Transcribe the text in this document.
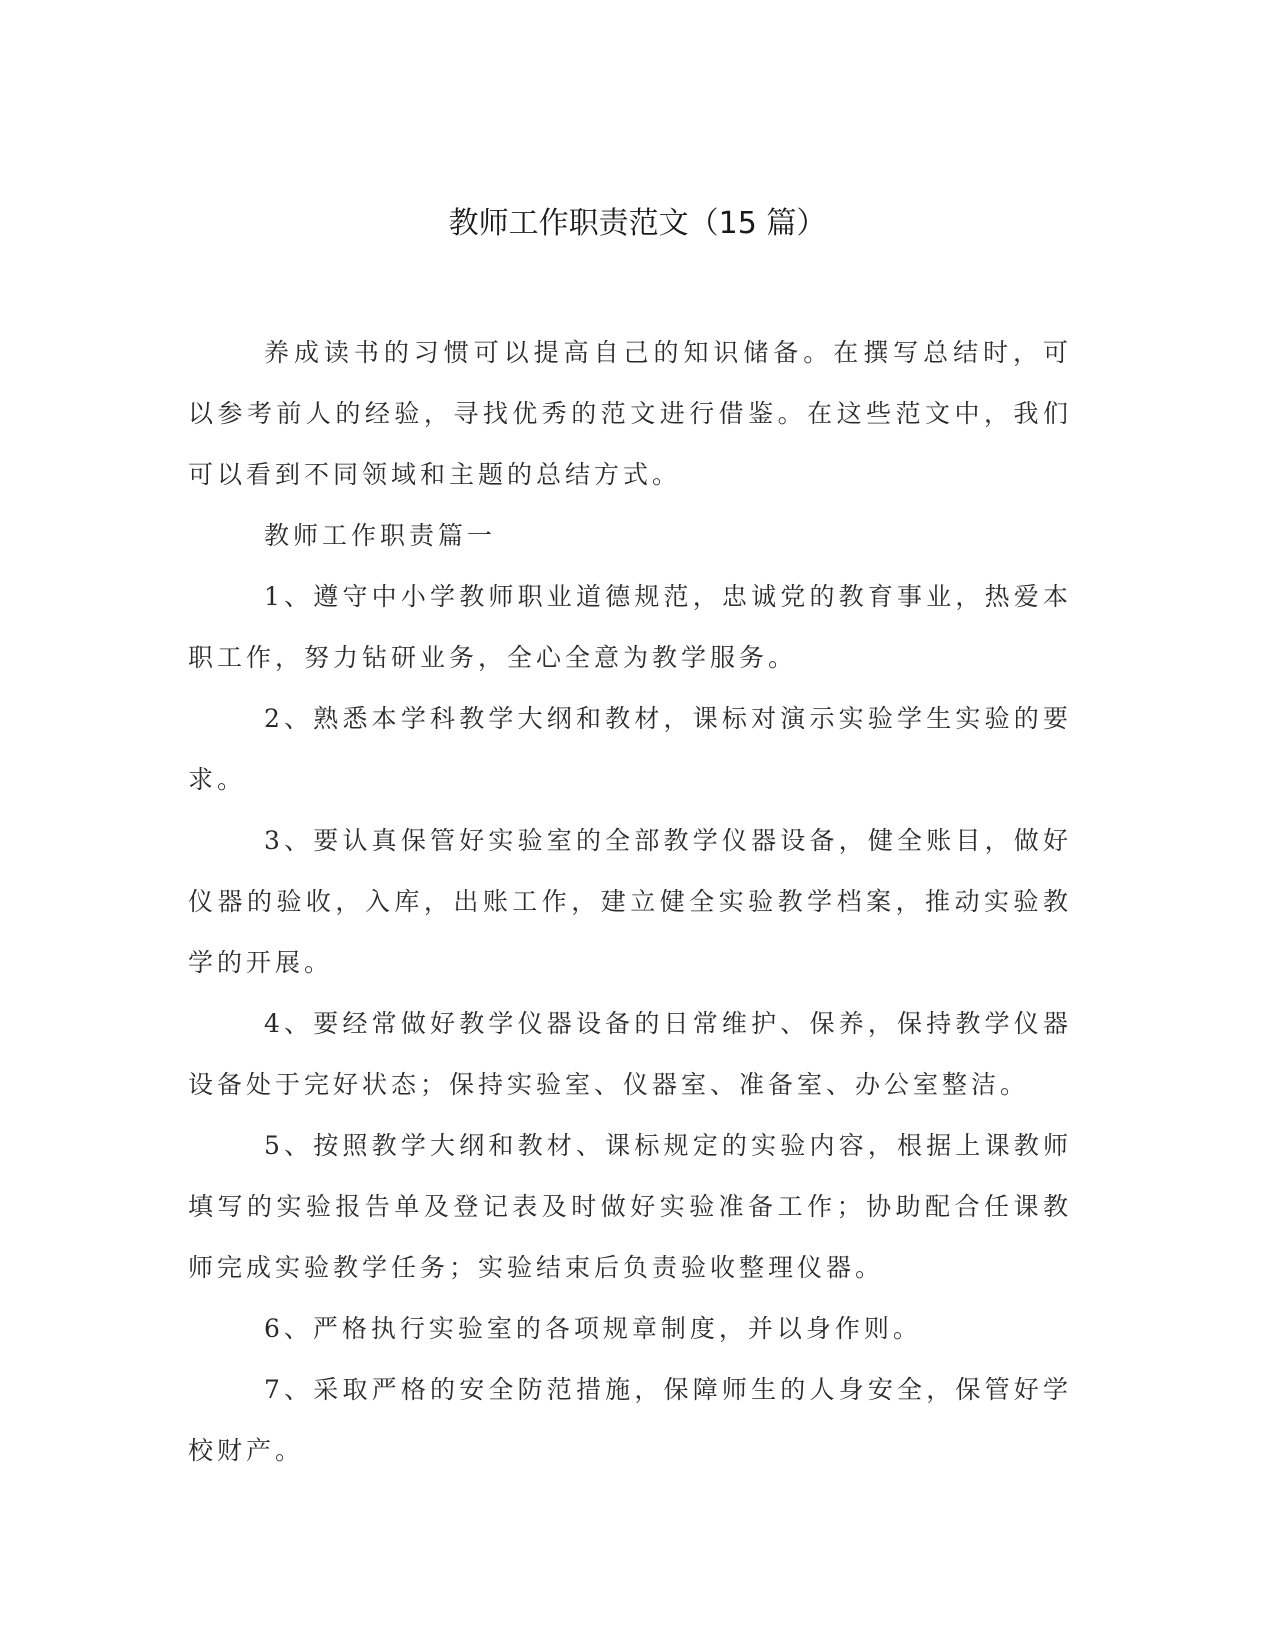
教师工作职责范文（15 篇）

养成读书的习惯可以提高自己的知识储备。在撰写总结时，可以参考前人的经验，寻找优秀的范文进行借鉴。在这些范文中，我们可以看到不同领域和主题的总结方式。

教师工作职责篇一

1、遵守中小学教师职业道德规范，忠诚党的教育事业，热爱本职工作，努力钻研业务，全心全意为教学服务。

2、熟悉本学科教学大纲和教材，课标对演示实验学生实验的要求。

3、要认真保管好实验室的全部教学仪器设备，健全账目，做好仪器的验收，入库，出账工作，建立健全实验教学档案，推动实验教学的开展。

4、要经常做好教学仪器设备的日常维护、保养，保持教学仪器设备处于完好状态；保持实验室、仪器室、准备室、办公室整洁。

5、按照教学大纲和教材、课标规定的实验内容，根据上课教师填写的实验报告单及登记表及时做好实验准备工作；协助配合任课教师完成实验教学任务；实验结束后负责验收整理仪器。

6、严格执行实验室的各项规章制度，并以身作则。

7、采取严格的安全防范措施，保障师生的人身安全，保管好学校财产。
